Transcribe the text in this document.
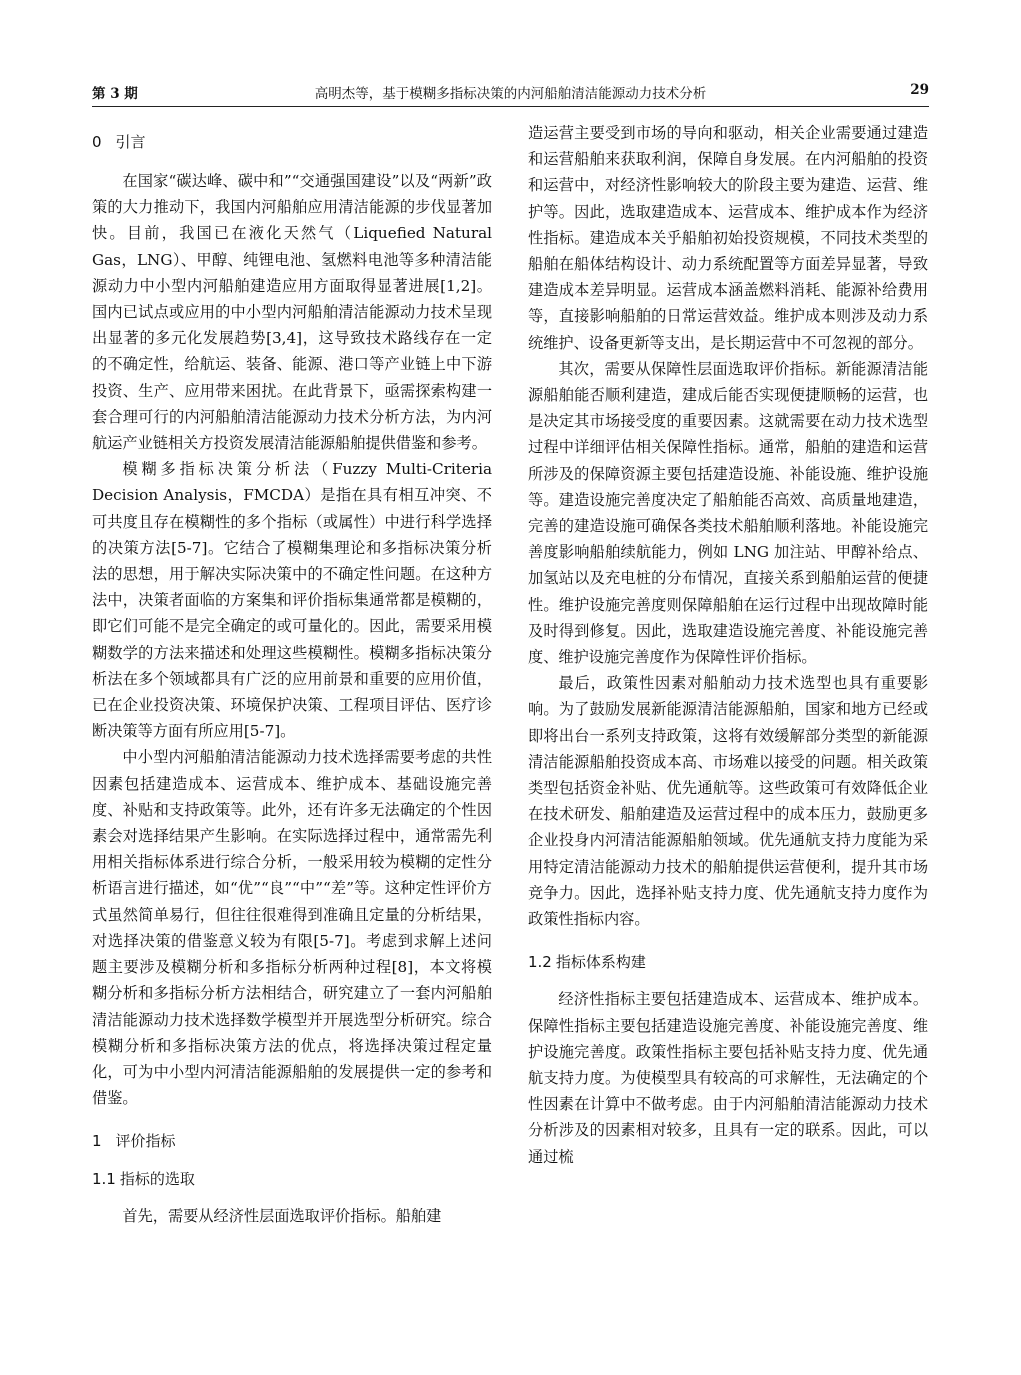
第 3 期	高明杰等，基于模糊多指标决策的内河船舶清洁能源动力技术分析	29
0 引言

在国家“碳达峰、碳中和”“交通强国建设”以及“两新”政策的大力推动下，我国内河船舶应用清洁能源的步伐显著加快。目前，我国已在液化天然气（Liquefied Natural Gas，LNG）、甲醇、纯锂电池、氢燃料电池等多种清洁能源动力中小型内河船舶建造应用方面取得显著进展[1,2]。国内已试点或应用的中小型内河船舶清洁能源动力技术呈现出显著的多元化发展趋势[3,4]，这导致技术路线存在一定的不确定性，给航运、装备、能源、港口等产业链上中下游投资、生产、应用带来困扰。在此背景下，亟需探索构建一套合理可行的内河船舶清洁能源动力技术分析方法，为内河航运产业链相关方投资发展清洁能源船舶提供借鉴和参考。

模糊多指标决策分析法（Fuzzy Multi-Criteria Decision Analysis，FMCDA）是指在具有相互冲突、不可共度且存在模糊性的多个指标（或属性）中进行科学选择的决策方法[5-7]。它结合了模糊集理论和多指标决策分析法的思想，用于解决实际决策中的不确定性问题。在这种方法中，决策者面临的方案集和评价指标集通常都是模糊的，即它们可能不是完全确定的或可量化的。因此，需要采用模糊数学的方法来描述和处理这些模糊性。模糊多指标决策分析法在多个领域都具有广泛的应用前景和重要的应用价值，已在企业投资决策、环境保护决策、工程项目评估、医疗诊断决策等方面有所应用[5-7]。

中小型内河船舶清洁能源动力技术选择需要考虑的共性因素包括建造成本、运营成本、维护成本、基础设施完善度、补贴和支持政策等。此外，还有许多无法确定的个性因素会对选择结果产生影响。在实际选择过程中，通常需先利用相关指标体系进行综合分析，一般采用较为模糊的定性分析语言进行描述，如“优”“良”“中”“差”等。这种定性评价方式虽然简单易行，但往往很难得到准确且定量的分析结果，对选择决策的借鉴意义较为有限[5-7]。考虑到求解上述问题主要涉及模糊分析和多指标分析两种过程[8]，本文将模糊分析和多指标分析方法相结合，研究建立了一套内河船舶清洁能源动力技术选择数学模型并开展选型分析研究。综合模糊分析和多指标决策方法的优点，将选择决策过程定量化，可为中小型内河清洁能源船舶的发展提供一定的参考和借鉴。

1 评价指标
1.1 指标的选取

首先，需要从经济性层面选取评价指标。船舶建

造运营主要受到市场的导向和驱动，相关企业需要通过建造和运营船舶来获取利润，保障自身发展。在内河船舶的投资和运营中，对经济性影响较大的阶段主要为建造、运营、维护等。因此，选取建造成本、运营成本、维护成本作为经济性指标。建造成本关乎船舶初始投资规模，不同技术类型的船舶在船体结构设计、动力系统配置等方面差异显著，导致建造成本差异明显。运营成本涵盖燃料消耗、能源补给费用等，直接影响船舶的日常运营效益。维护成本则涉及动力系统维护、设备更新等支出，是长期运营中不可忽视的部分。

其次，需要从保障性层面选取评价指标。新能源清洁能源船舶能否顺利建造，建成后能否实现便捷顺畅的运营，也是决定其市场接受度的重要因素。这就需要在动力技术选型过程中详细评估相关保障性指标。通常，船舶的建造和运营所涉及的保障资源主要包括建造设施、补能设施、维护设施等。建造设施完善度决定了船舶能否高效、高质量地建造，完善的建造设施可确保各类技术船舶顺利落地。补能设施完善度影响船舶续航能力，例如 LNG 加注站、甲醇补给点、加氢站以及充电桩的分布情况，直接关系到船舶运营的便捷性。维护设施完善度则保障船舶在运行过程中出现故障时能及时得到修复。因此，选取建造设施完善度、补能设施完善度、维护设施完善度作为保障性评价指标。

最后，政策性因素对船舶动力技术选型也具有重要影响。为了鼓励发展新能源清洁能源船舶，国家和地方已经或即将出台一系列支持政策，这将有效缓解部分类型的新能源清洁能源船舶投资成本高、市场难以接受的问题。相关政策类型包括资金补贴、优先通航等。这些政策可有效降低企业在技术研发、船舶建造及运营过程中的成本压力，鼓励更多企业投身内河清洁能源船舶领域。优先通航支持力度能为采用特定清洁能源动力技术的船舶提供运营便利，提升其市场竞争力。因此，选择补贴支持力度、优先通航支持力度作为政策性指标内容。

1.2 指标体系构建

经济性指标主要包括建造成本、运营成本、维护成本。保障性指标主要包括建造设施完善度、补能设施完善度、维护设施完善度。政策性指标主要包括补贴支持力度、优先通航支持力度。为使模型具有较高的可求解性，无法确定的个性因素在计算中不做考虑。由于内河船舶清洁能源动力技术分析涉及的因素相对较多，且具有一定的联系。因此，可以通过梳
